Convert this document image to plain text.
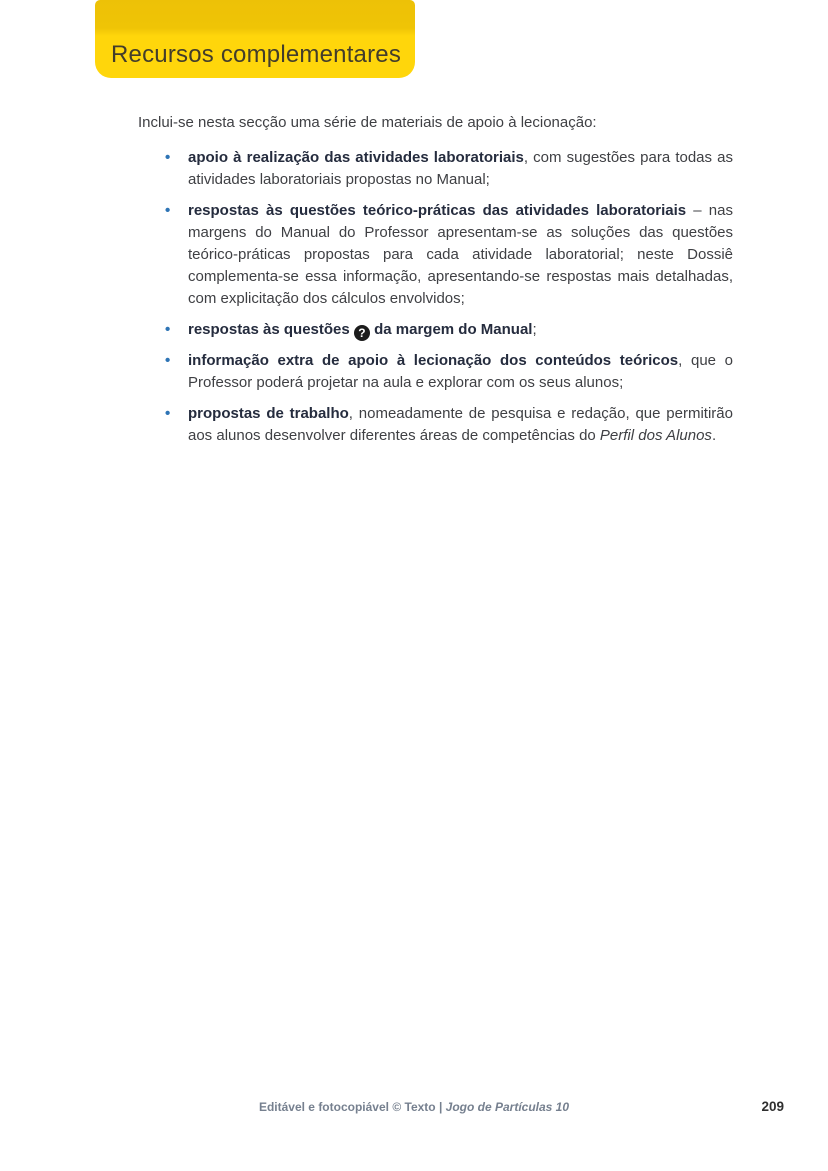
Recursos complementares

Inclui-se nesta secção uma série de materiais de apoio à lecionação:

• apoio à realização das atividades laboratoriais, com sugestões para todas as atividades laboratoriais propostas no Manual;
• respostas às questões teórico-práticas das atividades laboratoriais – nas margens do Manual do Professor apresentam-se as soluções das questões teórico-práticas propostas para cada atividade laboratorial; neste Dossiê complementa-se essa informação, apresentando-se respostas mais detalhadas, com explicitação dos cálculos envolvidos;
• respostas às questões ? da margem do Manual;
• informação extra de apoio à lecionação dos conteúdos teóricos, que o Professor poderá projetar na aula e explorar com os seus alunos;
• propostas de trabalho, nomeadamente de pesquisa e redação, que permitirão aos alunos desenvolver diferentes áreas de competências do Perfil dos Alunos.
Editável e fotocopiável © Texto | Jogo de Partículas 10	209
